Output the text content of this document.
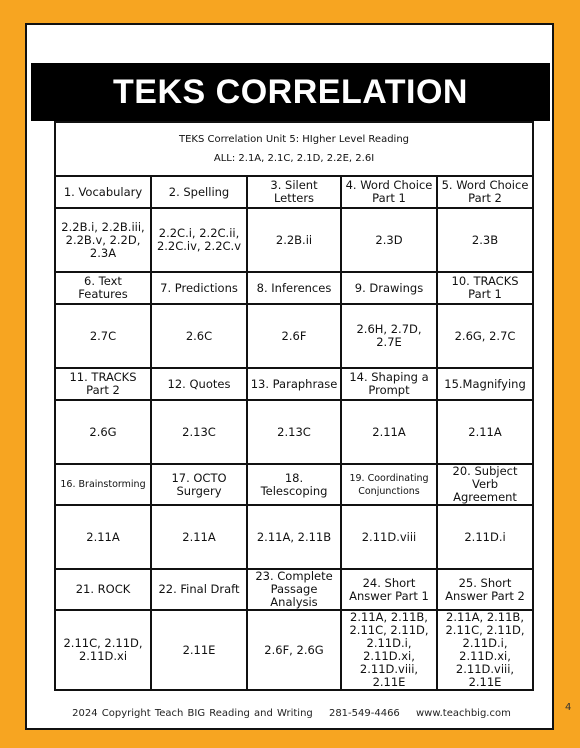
TEKS CORRELATION
TEKS Correlation Unit 5: HIgher Level Reading
ALL: 2.1A, 2.1C, 2.1D, 2.2E, 2.6I				

1. Vocabulary	2. Spelling	3. Silent Letters	4. Word Choice Part 1	5. Word Choice Part 2
2.2B.i, 2.2B.iii, 2.2B.v, 2.2D, 2.3A	2.2C.i, 2.2C.ii, 2.2C.iv, 2.2C.v	2.2B.ii	2.3D	2.3B
6. Text Features	7. Predictions	8. Inferences	9. Drawings	10. TRACKS Part 1
2.7C	2.6C	2.6F	2.6H, 2.7D, 2.7E	2.6G, 2.7C
11. TRACKS Part 2	12. Quotes	13. Paraphrase	14. Shaping a Prompt	15.Magnifying
2.6G	2.13C	2.13C	2.11A	2.11A
16. Brainstorming	17. OCTO Surgery	18. Telescoping	19. Coordinating Conjunctions	20. Subject Verb Agreement
2.11A	2.11A	2.11A, 2.11B	2.11D.viii	2.11D.i
21. ROCK	22. Final Draft	23. Complete Passage Analysis	24. Short Answer Part 1	25. Short Answer Part 2
2.11C, 2.11D, 2.11D.xi	2.11E	2.6F, 2.6G	2.11A, 2.11B, 2.11C, 2.11D, 2.11D.i, 2.11D.xi, 2.11D.viii, 2.11E	2.11A, 2.11B, 2.11C, 2.11D, 2.11D.i, 2.11D.xi, 2.11D.viii, 2.11E
2024 Copyright Teach BIG Reading and Writing 281-549-4466 www.teachbig.com
4
